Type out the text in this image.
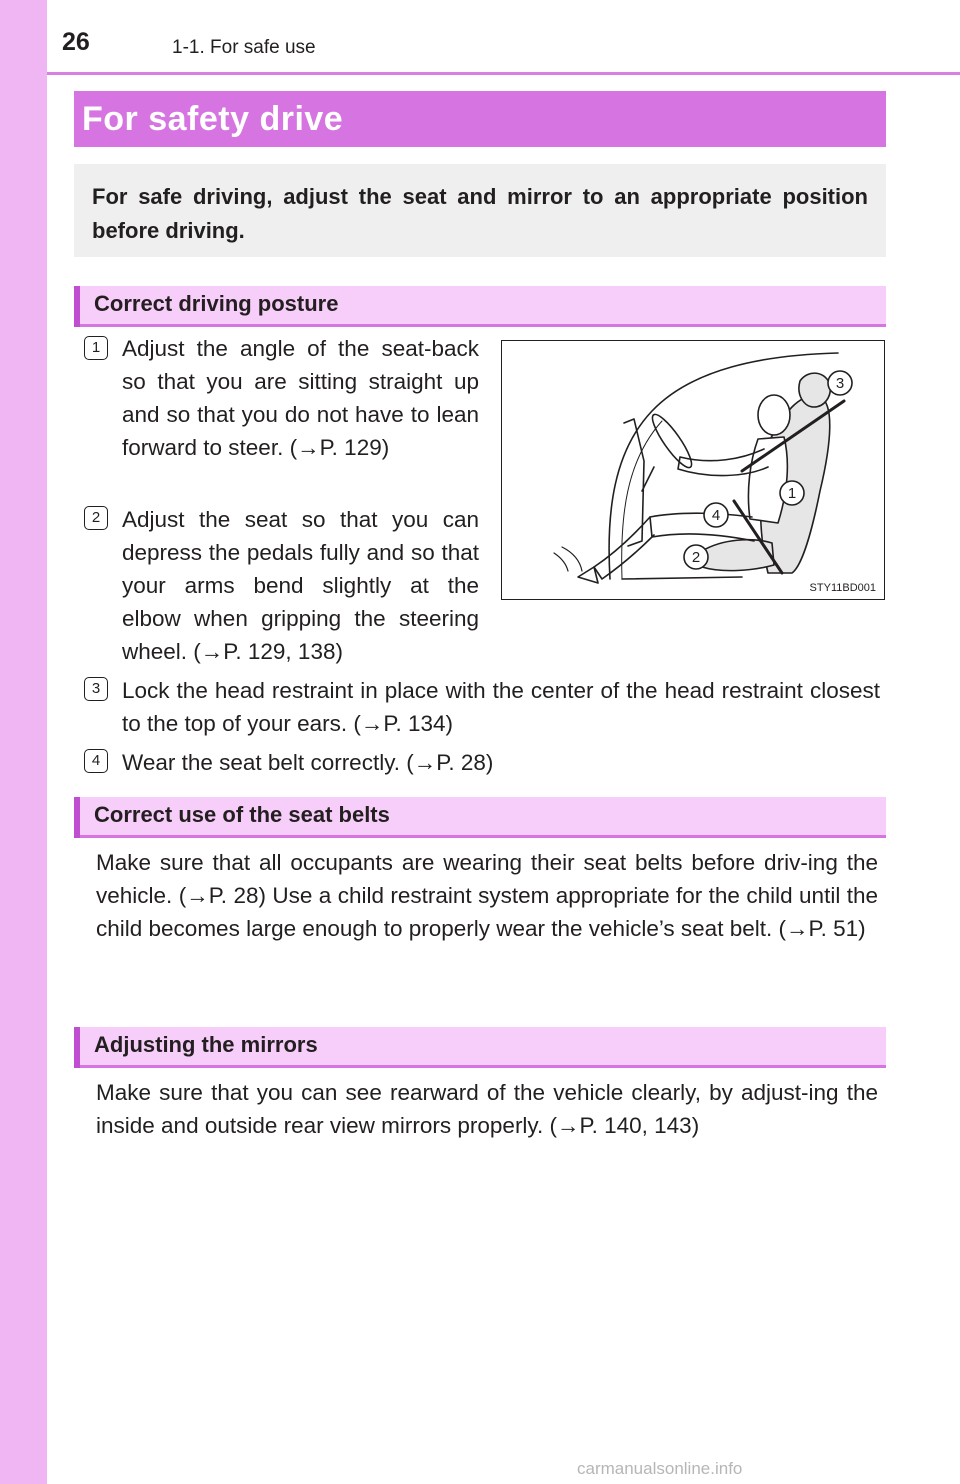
26	1-1. For safe use
For safety drive
For safe driving, adjust the seat and mirror to an appropriate position before driving.
Correct driving posture
1 Adjust the angle of the seat-back so that you are sitting straight up and so that you do not have to lean forward to steer. (→P. 129)
2 Adjust the seat so that you can depress the pedals fully and so that your arms bend slightly at the elbow when gripping the steering wheel. (→P. 129, 138)
3 Lock the head restraint in place with the center of the head restraint closest to the top of your ears. (→P. 134)
4 Wear the seat belt correctly. (→P. 28)
3
1
4
2
STY11BD001
Correct use of the seat belts
Make sure that all occupants are wearing their seat belts before driv-ing the vehicle. (→P. 28) Use a child restraint system appropriate for the child until the child becomes large enough to properly wear the vehicle’s seat belt. (→P. 51)
Adjusting the mirrors
Make sure that you can see rearward of the vehicle clearly, by adjust-ing the inside and outside rear view mirrors properly. (→P. 140, 143)
carmanualsonline.info
